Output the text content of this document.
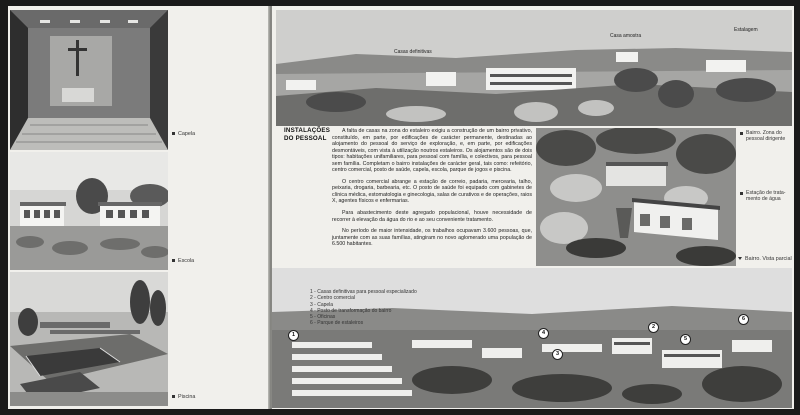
Capela
Escola
Piscina
Casas definitivas
Casa amostra
Estalagem
Bairro. Zona do pessoal dirigente
Estação de trata-mento de água
Bairro. Vista parcial
1
2
3
4
5
6
INSTALAÇÕES DO PESSOAL

A falta de casas na zona do estaleiro exigiu a construção de um bairro privativo, constituído, em parte, por edificações de carácter permanente, destinadas ao alojamento do pessoal do serviço de exploração, e, em parte, por edificações desmontáveis, com vista à utilização noutros estaleiros. Os alojamentos são de dois tipos: habitações unifamiliares, para pessoal com família, e colectivos, para pessoal sem família. Completam o bairro instalações de carácter geral, tais como: refeitório, centro comercial, posto de saúde, capela, escola, parque de jogos e piscina.

O centro comercial abrange a estação de correio, padaria, mercearia, talho, peixaria, drogaria, barbearia, etc. O posto de saúde foi equipado com gabinetes de clínica médica, estomatologia e ginecologia, salas de curativos e de operações, raios X, agentes físicos e enfermarias.

Para abastecimento deste agregado populacional, houve necessidade de recorrer à elevação da água do rio e ao seu conveniente tratamento.

No período de maior intensidade, os trabalhos ocupavam 3.600 pessoas, que, juntamente com as suas famílias, atingiram no novo aglomerado uma população de 6.500 habitantes.

1 - Casas definitivas para pessoal especializado
2 - Centro comercial
3 - Capela
4 - Posto de transformação do bairro
5 - Oficinas
6 - Parque de estaleiros
